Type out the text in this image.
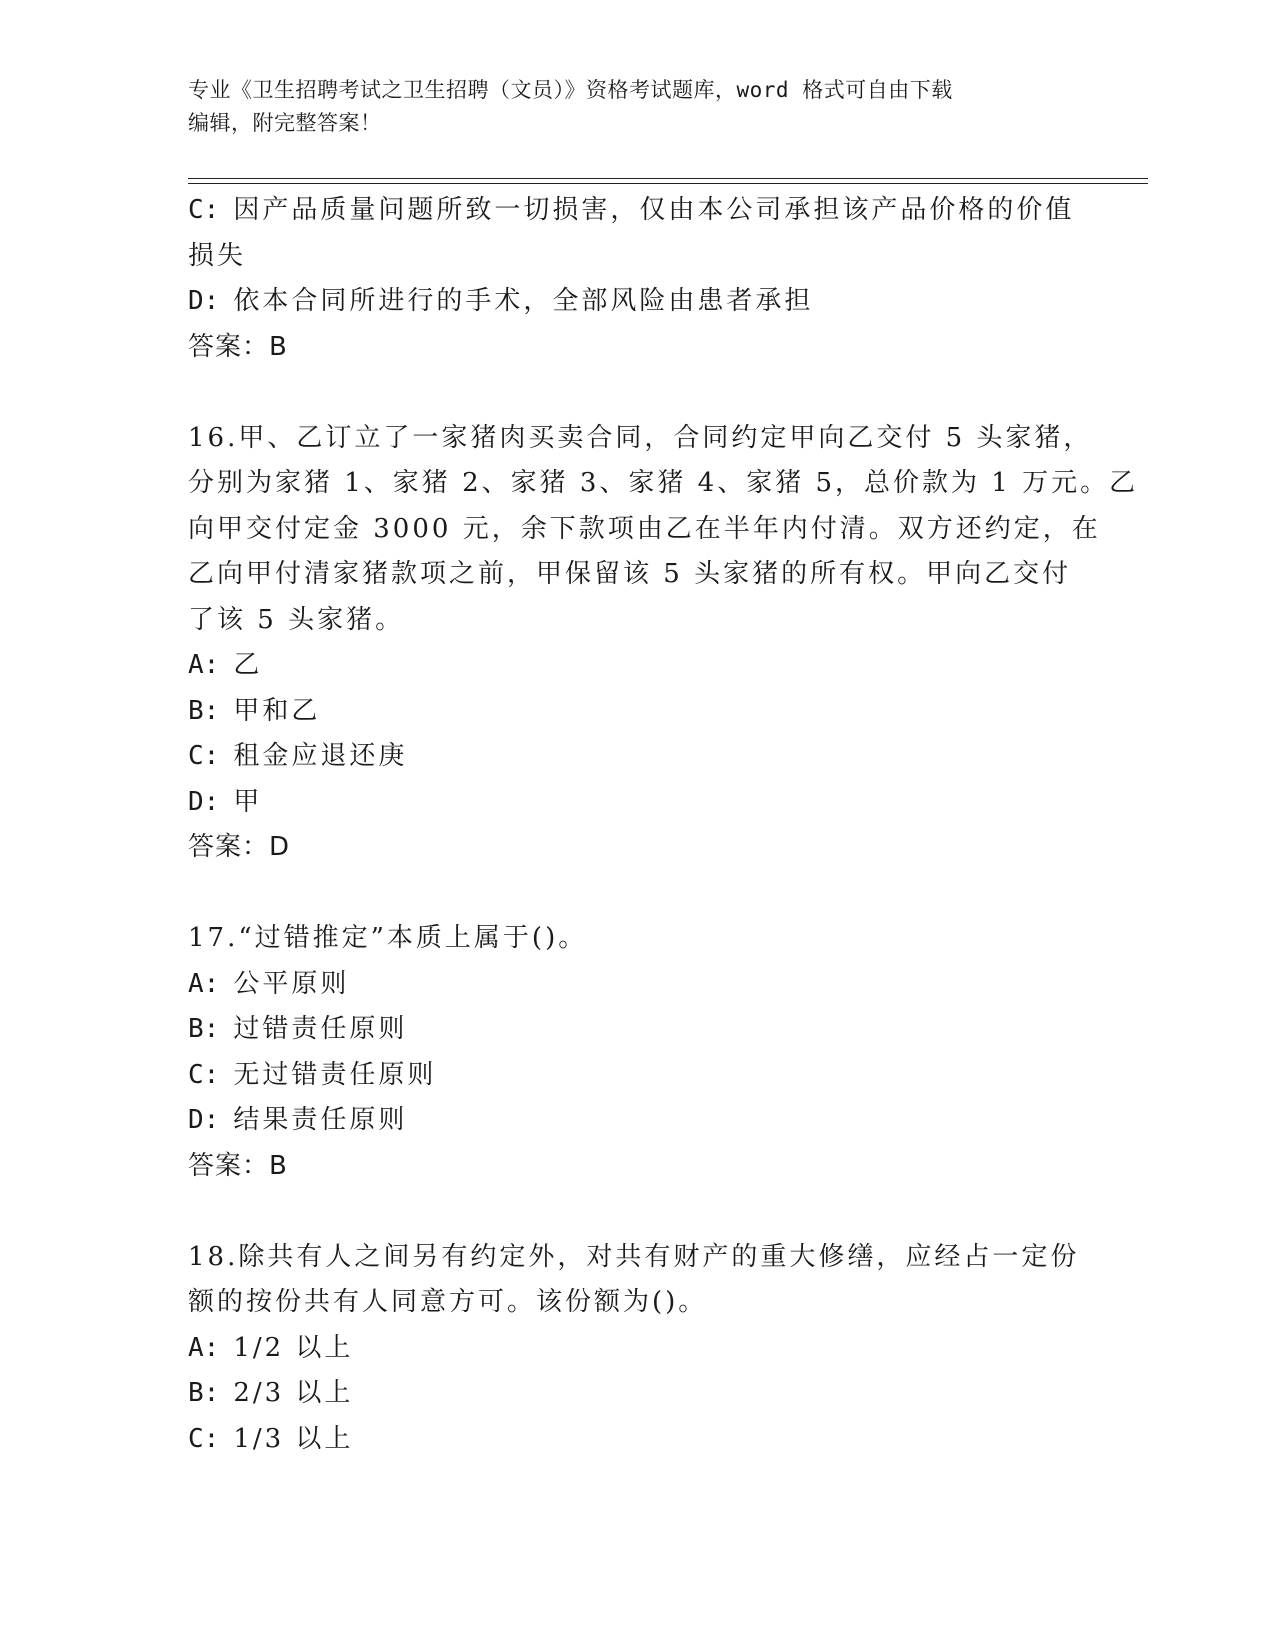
专业《卫生招聘考试之卫生招聘（文员）》资格考试题库，word 格式可自由下载
编辑，附完整答案！
C: 因产品质量问题所致一切损害，仅由本公司承担该产品价格的价值
损失
D: 依本合同所进行的手术，全部风险由患者承担
答案：B
16.甲、乙订立了一家猪肉买卖合同，合同约定甲向乙交付 5 头家猪，
分别为家猪 1、家猪 2、家猪 3、家猪 4、家猪 5，总价款为 1 万元。乙
向甲交付定金 3000 元，余下款项由乙在半年内付清。双方还约定，在
乙向甲付清家猪款项之前，甲保留该 5 头家猪的所有权。甲向乙交付
了该 5 头家猪。
A: 乙
B: 甲和乙
C: 租金应退还庚
D: 甲
答案：D
17.“过错推定”本质上属于()。
A: 公平原则
B: 过错责任原则
C: 无过错责任原则
D: 结果责任原则
答案：B
18.除共有人之间另有约定外，对共有财产的重大修缮，应经占一定份
额的按份共有人同意方可。该份额为()。
A: 1/2 以上
B: 2/3 以上
C: 1/3 以上
